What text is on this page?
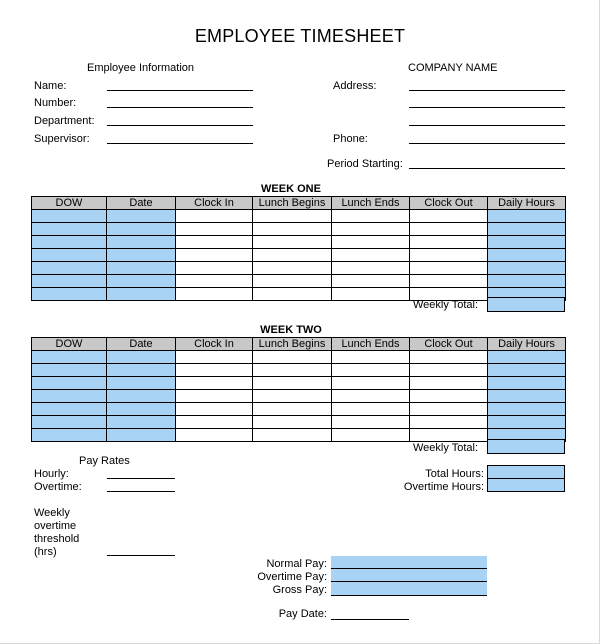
EMPLOYEE TIMESHEET
Employee Information
Name:
Number:
Department:
Supervisor:
COMPANY NAME
Address:
Phone:
Period Starting:
WEEK ONE
DOW	Date	Clock In	Lunch Begins	Lunch Ends	Clock Out	Daily Hours

Weekly Total:
WEEK TWO
DOW	Date	Clock In	Lunch Begins	Lunch Ends	Clock Out	Daily Hours

Weekly Total:
Pay Rates
Hourly:
Overtime:
Weekly
overtime
threshold
(hrs)
Total Hours:
Overtime Hours:
Normal Pay:
Overtime Pay:
Gross Pay:
Pay Date:
